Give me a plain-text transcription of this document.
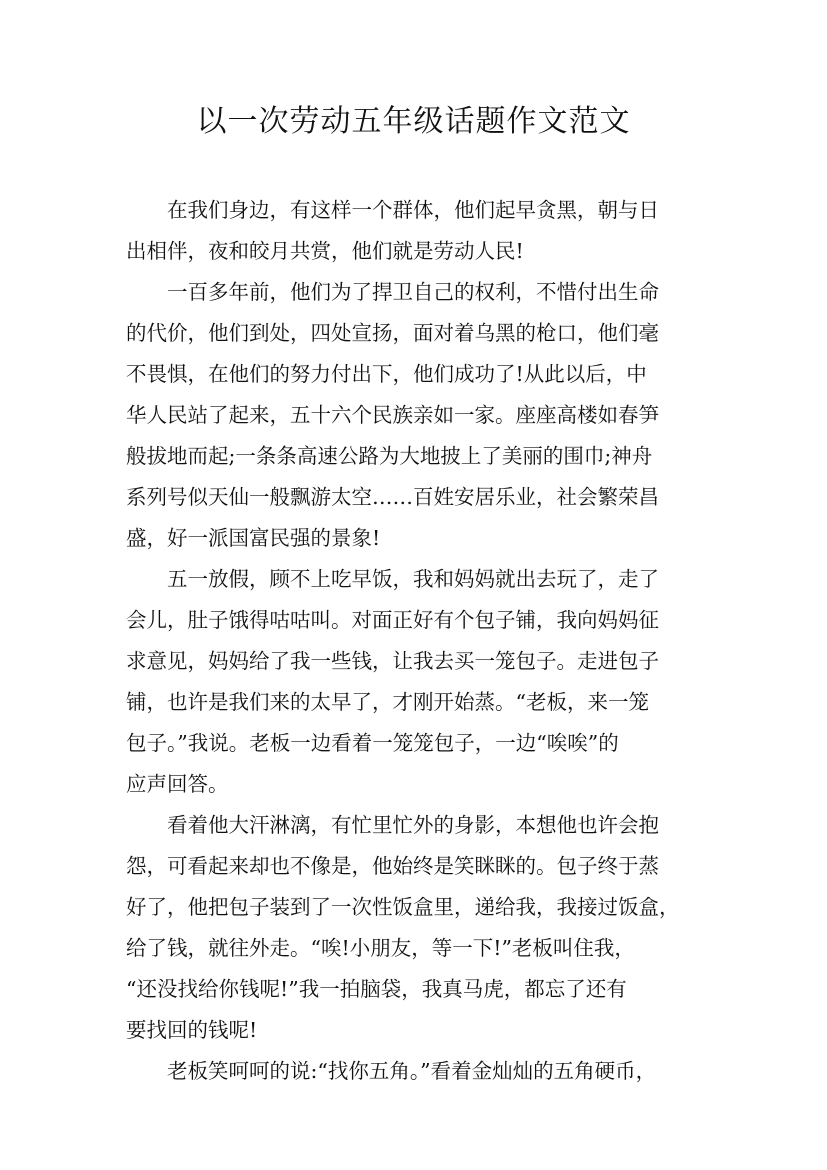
以一次劳动五年级话题作文范文
在我们身边，有这样一个群体，他们起早贪黑，朝与日
出相伴，夜和皎月共赏，他们就是劳动人民!
一百多年前，他们为了捍卫自己的权利，不惜付出生命
的代价，他们到处，四处宣扬，面对着乌黑的枪口，他们毫
不畏惧，在他们的努力付出下，他们成功了!从此以后，中
华人民站了起来，五十六个民族亲如一家。座座高楼如春笋
般拔地而起;一条条高速公路为大地披上了美丽的围巾;神舟
系列号似天仙一般飘游太空……百姓安居乐业，社会繁荣昌
盛，好一派国富民强的景象!
五一放假，顾不上吃早饭，我和妈妈就出去玩了，走了
会儿，肚子饿得咕咕叫。对面正好有个包子铺，我向妈妈征
求意见，妈妈给了我一些钱，让我去买一笼包子。走进包子
铺，也许是我们来的太早了，才刚开始蒸。“老板，来一笼
包子。”我说。老板一边看着一笼笼包子，一边“唉唉”的
应声回答。
看着他大汗淋漓，有忙里忙外的身影，本想他也许会抱
怨，可看起来却也不像是，他始终是笑眯眯的。包子终于蒸
好了，他把包子装到了一次性饭盒里，递给我，我接过饭盒，
给了钱，就往外走。“唉!小朋友，等一下!”老板叫住我，
“还没找给你钱呢!”我一拍脑袋，我真马虎，都忘了还有
要找回的钱呢!
老板笑呵呵的说:“找你五角。”看着金灿灿的五角硬币，
